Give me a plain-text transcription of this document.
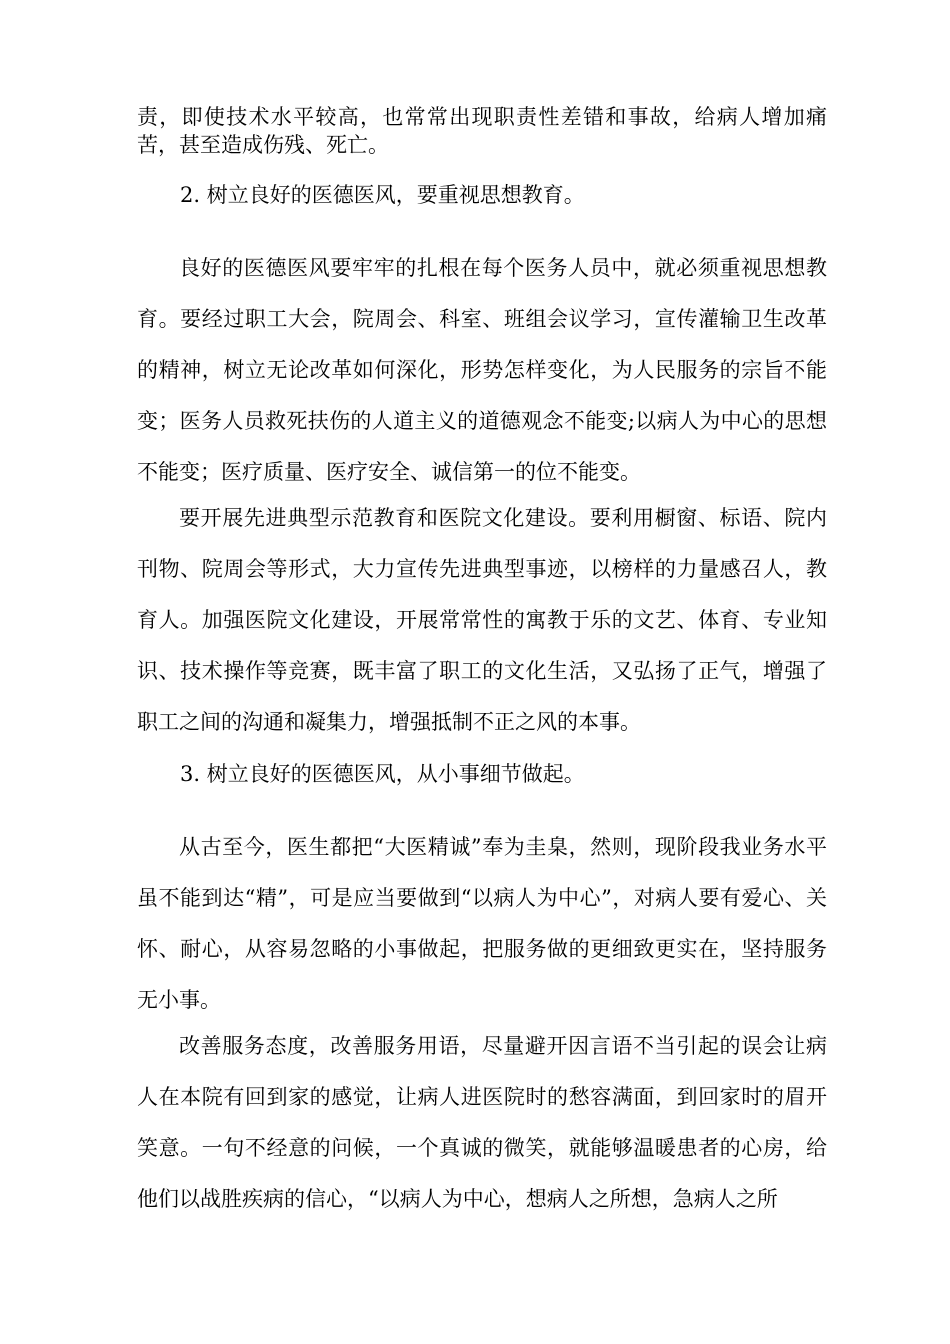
责，即使技术水平较高，也常常出现职责性差错和事故，给病人增加痛苦，甚至造成伤残、死亡。

2. 树立良好的医德医风，要重视思想教育。

良好的医德医风要牢牢的扎根在每个医务人员中，就必须重视思想教育。要经过职工大会，院周会、科室、班组会议学习，宣传灌输卫生改革的精神，树立无论改革如何深化，形势怎样变化，为人民服务的宗旨不能变；医务人员救死扶伤的人道主义的道德观念不能变;以病人为中心的思想不能变；医疗质量、医疗安全、诚信第一的位不能变。

要开展先进典型示范教育和医院文化建设。要利用橱窗、标语、院内刊物、院周会等形式，大力宣传先进典型事迹，以榜样的力量感召人，教育人。加强医院文化建设，开展常常性的寓教于乐的文艺、体育、专业知识、技术操作等竞赛，既丰富了职工的文化生活，又弘扬了正气，增强了职工之间的沟通和凝集力，增强抵制不正之风的本事。

3. 树立良好的医德医风，从小事细节做起。

从古至今，医生都把“大医精诚”奉为圭臬，然则，现阶段我业务水平虽不能到达“精”，可是应当要做到“以病人为中心”，对病人要有爱心、关怀、耐心，从容易忽略的小事做起，把服务做的更细致更实在，坚持服务无小事。

改善服务态度，改善服务用语，尽量避开因言语不当引起的误会让病人在本院有回到家的感觉，让病人进医院时的愁容满面，到回家时的眉开笑意。一句不经意的问候，一个真诚的微笑，就能够温暖患者的心房，给他们以战胜疾病的信心，“以病人为中心，想病人之所想，急病人之所
